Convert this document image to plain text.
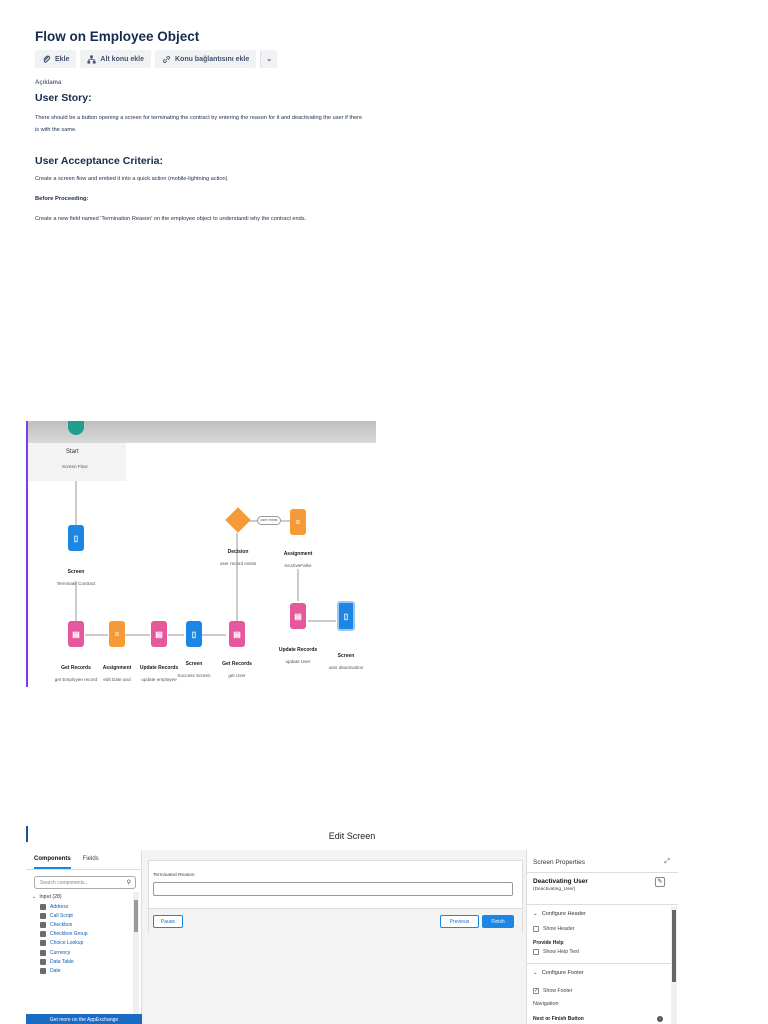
Flow on Employee Object
Ekle	Alt konu ekle	Konu bağlantısını ekle ⌄
Açıklama
User Story:
There should be a button opening a screen for terminating the contract by entering the reason for it and deactivating the user if there is with the same.
User Acceptance Criteria:
Create a screen flow and embed it into a quick action (mobile-lightning action)
Before Proceeding:
Create a new field named 'Termination Reason' on the employee object to understandi why the contract ends.
Start
Screen Flow
user exists
▯
Screen
Terminate Contract
▤
Get Records
get Employee record
=
Assignment
edit Date and
▤
Update Records
update employee
▯
Screen
Success Screen
▤
Get Records
get User
Decision
user record exists
=
Assignment
isActiveFalse
▤
Update Records
update User
▯
Screen
user deactivation
Edit Screen
Components Fields
Search components...	⚲
⌄ Input (28)
Address
Call Script
Checkbox
Checkbox Group
Choice Lookup
Currency
Data Table
Date
Get more on the AppExchange
Terminated Reason
Pause	Previous	Finish
Screen Properties	⤢
Deactivating User
(Deactivating_User)
✎
⌄ Configure Header
Show Header
Provide Help
Show Help Text
⌄ Configure Footer
✓ Show Footer
Navigation
Next or Finish Button	i
